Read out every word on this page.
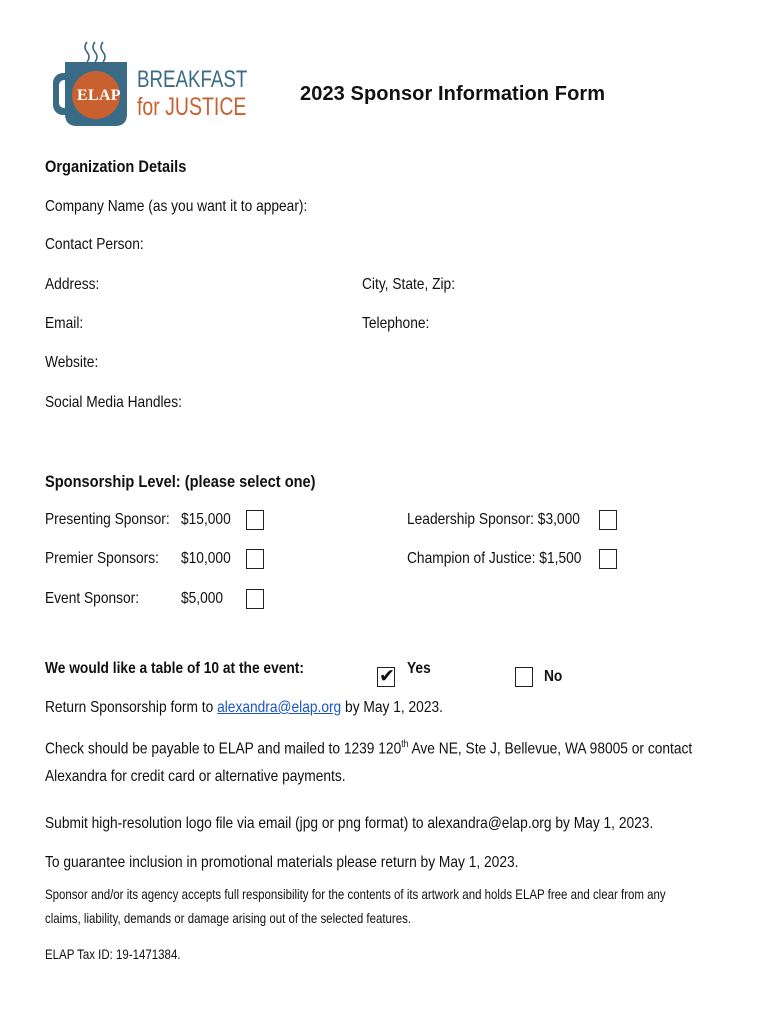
ELAP
BREAKFAST
for JUSTICE	2023 Sponsor Information Form
Organization Details
Company Name (as you want it to appear):
Contact Person:
Address:	City, State, Zip:
Email:	Telephone:
Website:
Social Media Handles:
Sponsorship Level: (please select one)
Presenting Sponsor: $15,000	Leadership Sponsor: $3,000
Premier Sponsors: $10,000	Champion of Justice: $1,500
Event Sponsor:	$5,000
We would like a table of 10 at the event:	✔ Yes	No
Return Sponsorship form to alexandra@elap.org by May 1, 2023.
Check should be payable to ELAP and mailed to 1239 120th Ave NE, Ste J, Bellevue, WA 98005 or contact
Alexandra for credit card or alternative payments.
Submit high-resolution logo file via email (jpg or png format) to alexandra@elap.org by May 1, 2023.
To guarantee inclusion in promotional materials please return by May 1, 2023.
Sponsor and/or its agency accepts full responsibility for the contents of its artwork and holds ELAP free and clear from any
claims, liability, demands or damage arising out of the selected features.
ELAP Tax ID: 19-1471384.
